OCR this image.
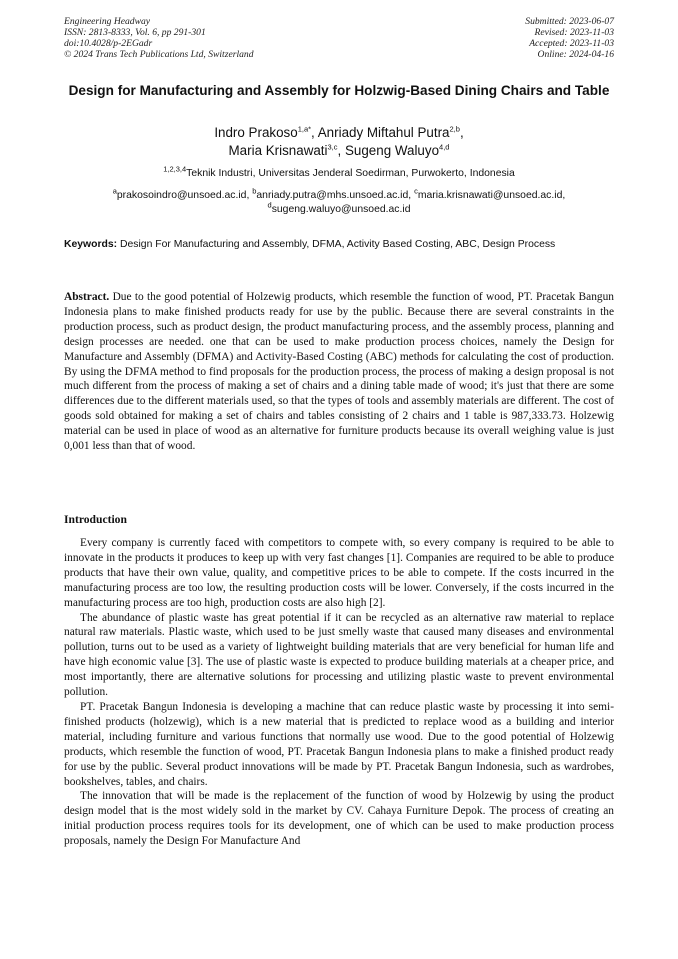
Engineering Headway
ISSN: 2813-8333, Vol. 6, pp 291-301
doi:10.4028/p-2EGadr
© 2024 Trans Tech Publications Ltd, Switzerland
Submitted: 2023-06-07
Revised: 2023-11-03
Accepted: 2023-11-03
Online: 2024-04-16
Design for Manufacturing and Assembly for Holzwig-Based Dining Chairs and Table
Indro Prakoso$^{1,a*}$, Anriady Miftahul Putra$^{2,b}$,
Maria Krisnawati$^{3,c}$, Sugeng Waluyo$^{4,d}$
$^{1,2,3,4}$Teknik Industri, Universitas Jenderal Soedirman, Purwokerto, Indonesia
$^a$prakosoindro@unsoed.ac.id, $^b$anriady.putra@mhs.unsoed.ac.id, $^c$maria.krisnawati@unsoed.ac.id,
$^d$sugeng.waluyo@unsoed.ac.id
Keywords: Design For Manufacturing and Assembly, DFMA, Activity Based Costing, ABC, Design Process
Abstract. Due to the good potential of Holzewig products, which resemble the function of wood, PT. Pracetak Bangun Indonesia plans to make finished products ready for use by the public. Because there are several constraints in the production process, such as product design, the product manufacturing process, and the assembly process, planning and design processes are needed. one that can be used to make production process choices, namely the Design for Manufacture and Assembly (DFMA) and Activity-Based Costing (ABC) methods for calculating the cost of production. By using the DFMA method to find proposals for the production process, the process of making a design proposal is not much different from the process of making a set of chairs and a dining table made of wood; it's just that there are some differences due to the different materials used, so that the types of tools and assembly materials are different. The cost of goods sold obtained for making a set of chairs and tables consisting of 2 chairs and 1 table is 987,333.73. Holzewig material can be used in place of wood as an alternative for furniture products because its overall weighing value is just 0,001 less than that of wood.
Introduction

Every company is currently faced with competitors to compete with, so every company is required to be able to innovate in the products it produces to keep up with very fast changes [1]. Companies are required to be able to produce products that have their own value, quality, and competitive prices to be able to compete. If the costs incurred in the manufacturing process are too low, the resulting production costs will be lower. Conversely, if the costs incurred in the manufacturing process are too high, production costs are also high [2].

The abundance of plastic waste has great potential if it can be recycled as an alternative raw material to replace natural raw materials. Plastic waste, which used to be just smelly waste that caused many diseases and environmental pollution, turns out to be used as a variety of lightweight building materials that are very beneficial for human life and have high economic value [3]. The use of plastic waste is expected to produce building materials at a cheaper price, and most importantly, there are alternative solutions for processing and utilizing plastic waste to prevent environmental pollution.

PT. Pracetak Bangun Indonesia is developing a machine that can reduce plastic waste by processing it into semi-finished products (holzewig), which is a new material that is predicted to replace wood as a building and interior material, including furniture and various functions that normally use wood. Due to the good potential of Holzewig products, which resemble the function of wood, PT. Pracetak Bangun Indonesia plans to make a finished product ready for use by the public. Several product innovations will be made by PT. Pracetak Bangun Indonesia, such as wardrobes, bookshelves, tables, and chairs.

The innovation that will be made is the replacement of the function of wood by Holzewig by using the product design model that is the most widely sold in the market by CV. Cahaya Furniture Depok. The process of creating an initial production process requires tools for its development, one of which can be used to make production process proposals, namely the Design For Manufacture And
